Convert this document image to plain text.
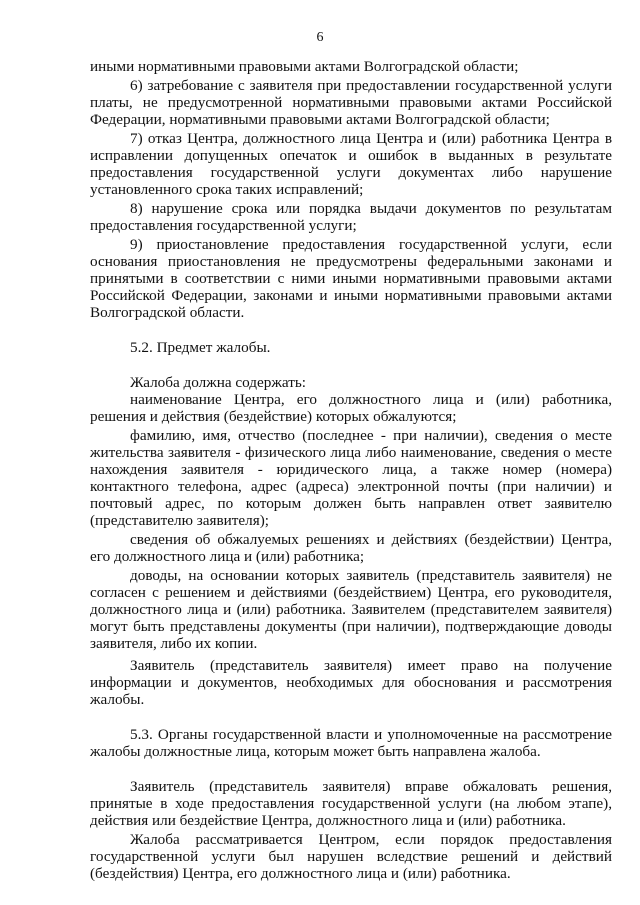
6

иными нормативными правовыми актами Волгоградской области;

6) затребование с заявителя при предоставлении государственной услуги платы, не предусмотренной нормативными правовыми актами Российской Федерации, нормативными правовыми актами Волгоградской области;

7) отказ Центра, должностного лица Центра и (или) работника Центра в исправлении допущенных опечаток и ошибок в выданных в результате предоставления государственной услуги документах либо нарушение установленного срока таких исправлений;

8) нарушение срока или порядка выдачи документов по результатам предоставления государственной услуги;

9) приостановление предоставления государственной услуги, если основания приостановления не предусмотрены федеральными законами и принятыми в соответствии с ними иными нормативными правовыми актами Российской Федерации, законами и иными нормативными правовыми актами Волгоградской области.

5.2. Предмет жалобы.

Жалоба должна содержать:

наименование Центра, его должностного лица и (или) работника, решения и действия (бездействие) которых обжалуются;

фамилию, имя, отчество (последнее - при наличии), сведения о месте жительства заявителя - физического лица либо наименование, сведения о месте нахождения заявителя - юридического лица, а также номер (номера) контактного телефона, адрес (адреса) электронной почты (при наличии) и почтовый адрес, по которым должен быть направлен ответ заявителю (представителю заявителя);

сведения об обжалуемых решениях и действиях (бездействии) Центра, его должностного лица и (или) работника;

доводы, на основании которых заявитель (представитель заявителя) не согласен с решением и действиями (бездействием) Центра, его руководителя, должностного лица и (или) работника. Заявителем (представителем заявителя) могут быть представлены документы (при наличии), подтверждающие доводы заявителя, либо их копии.

Заявитель (представитель заявителя) имеет право на получение информации и документов, необходимых для обоснования и рассмотрения жалобы.

5.3. Органы государственной власти и уполномоченные на рассмотрение жалобы должностные лица, которым может быть направлена жалоба.

Заявитель (представитель заявителя) вправе обжаловать решения, принятые в ходе предоставления государственной услуги (на любом этапе), действия или бездействие Центра, должностного лица и (или) работника.

Жалоба рассматривается Центром, если порядок предоставления государственной услуги был нарушен вследствие решений и действий (бездействия) Центра, его должностного лица и (или) работника.
